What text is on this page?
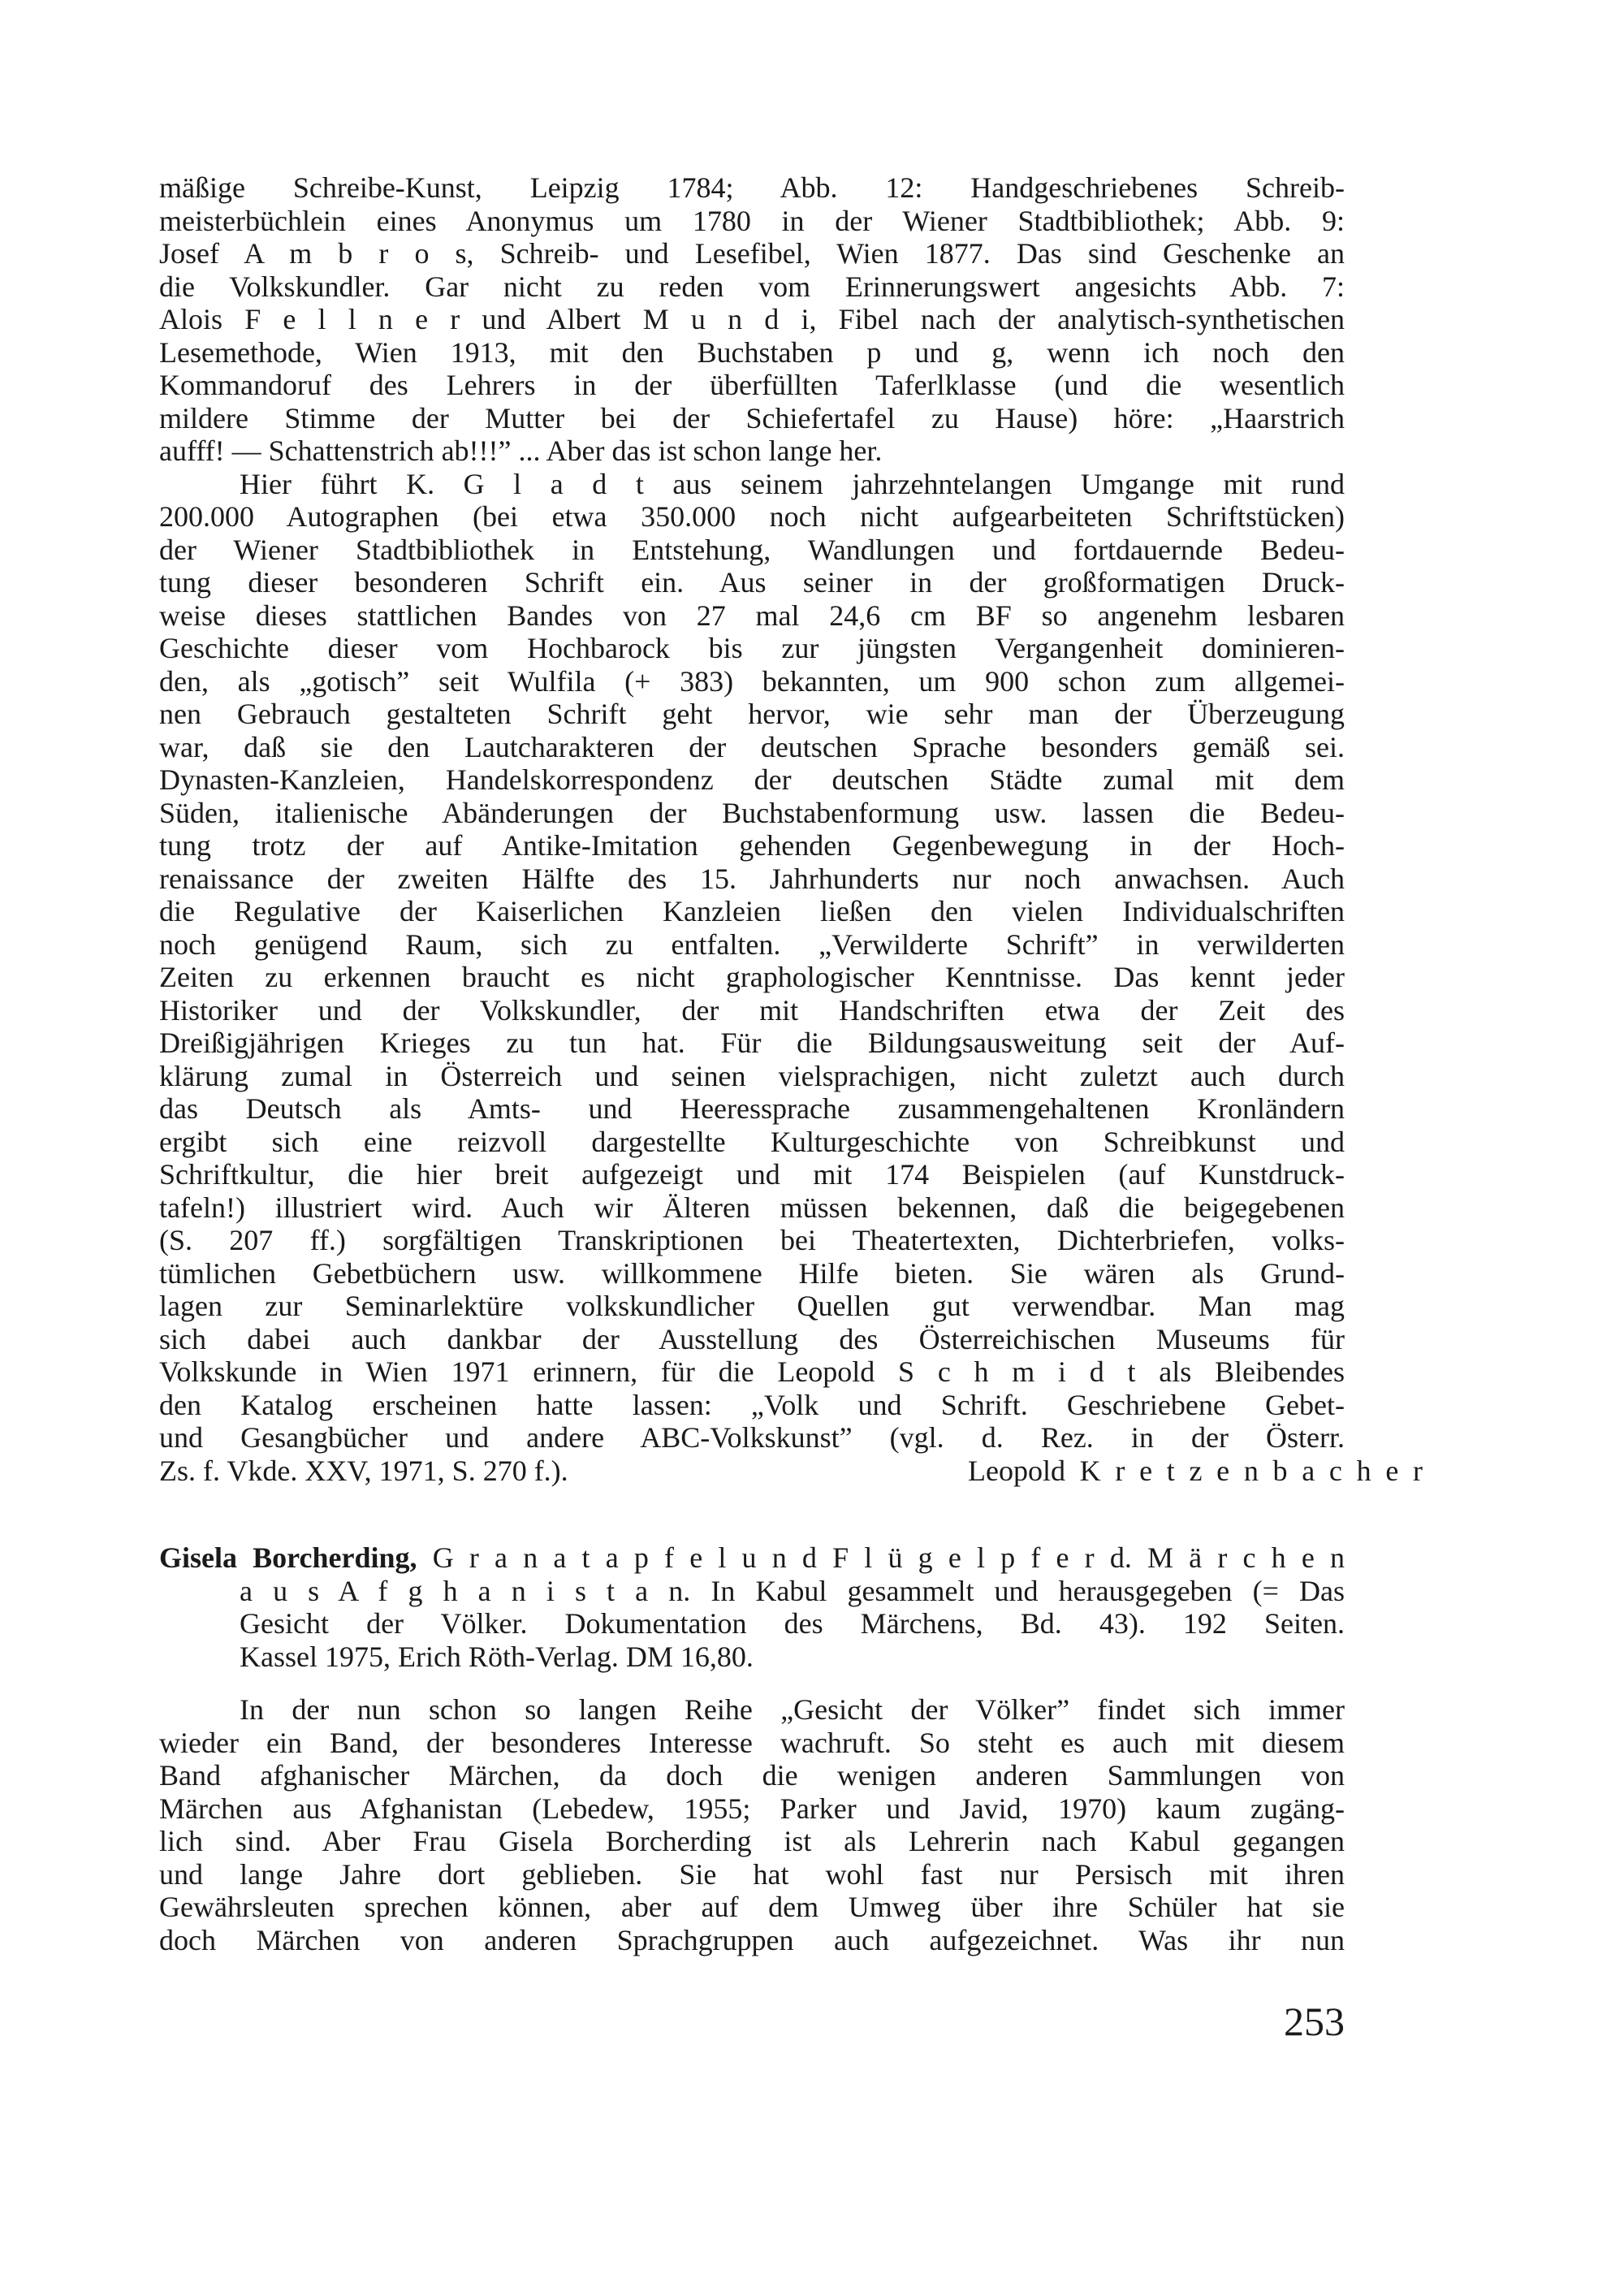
mäßige Schreibe-Kunst, Leipzig 1784; Abb. 12: Handgeschriebenes Schreib-
meisterbüchlein eines Anonymus um 1780 in der Wiener Stadtbibliothek; Abb. 9:
Josef A m b r o s, Schreib- und Lesefibel, Wien 1877. Das sind Geschenke an
die Volkskundler. Gar nicht zu reden vom Erinnerungswert angesichts Abb. 7:
Alois F e l l n e r und Albert M u n d i, Fibel nach der analytisch-synthetischen
Lesemethode, Wien 1913, mit den Buchstaben p und g, wenn ich noch den
Kommandoruf des Lehrers in der überfüllten Taferlklasse (und die wesentlich
mildere Stimme der Mutter bei der Schiefertafel zu Hause) höre: „Haarstrich
aufff! — Schattenstrich ab!!!” ... Aber das ist schon lange her.
Hier führt K. G l a d t aus seinem jahrzehntelangen Umgange mit rund
200.000 Autographen (bei etwa 350.000 noch nicht aufgearbeiteten Schriftstücken)
der Wiener Stadtbibliothek in Entstehung, Wandlungen und fortdauernde Bedeu-
tung dieser besonderen Schrift ein. Aus seiner in der großformatigen Druck-
weise dieses stattlichen Bandes von 27 mal 24,6 cm BF so angenehm lesbaren
Geschichte dieser vom Hochbarock bis zur jüngsten Vergangenheit dominieren-
den, als „gotisch” seit Wulfila (+ 383) bekannten, um 900 schon zum allgemei-
nen Gebrauch gestalteten Schrift geht hervor, wie sehr man der Überzeugung
war, daß sie den Lautcharakteren der deutschen Sprache besonders gemäß sei.
Dynasten-Kanzleien, Handelskorrespondenz der deutschen Städte zumal mit dem
Süden, italienische Abänderungen der Buchstabenformung usw. lassen die Bedeu-
tung trotz der auf Antike-Imitation gehenden Gegenbewegung in der Hoch-
renaissance der zweiten Hälfte des 15. Jahrhunderts nur noch anwachsen. Auch
die Regulative der Kaiserlichen Kanzleien ließen den vielen Individualschriften
noch genügend Raum, sich zu entfalten. „Verwilderte Schrift” in verwilderten
Zeiten zu erkennen braucht es nicht graphologischer Kenntnisse. Das kennt jeder
Historiker und der Volkskundler, der mit Handschriften etwa der Zeit des
Dreißigjährigen Krieges zu tun hat. Für die Bildungsausweitung seit der Auf-
klärung zumal in Österreich und seinen vielsprachigen, nicht zuletzt auch durch
das Deutsch als Amts- und Heeressprache zusammengehaltenen Kronländern
ergibt sich eine reizvoll dargestellte Kulturgeschichte von Schreibkunst und
Schriftkultur, die hier breit aufgezeigt und mit 174 Beispielen (auf Kunstdruck-
tafeln!) illustriert wird. Auch wir Älteren müssen bekennen, daß die beigegebenen
(S. 207 ff.) sorgfältigen Transkriptionen bei Theatertexten, Dichterbriefen, volks-
tümlichen Gebetbüchern usw. willkommene Hilfe bieten. Sie wären als Grund-
lagen zur Seminarlektüre volkskundlicher Quellen gut verwendbar. Man mag
sich dabei auch dankbar der Ausstellung des Österreichischen Museums für
Volkskunde in Wien 1971 erinnern, für die Leopold S c h m i d t als Bleibendes
den Katalog erscheinen hatte lassen: „Volk und Schrift. Geschriebene Gebet-
und Gesangbücher und andere ABC-Volkskunst” (vgl. d. Rez. in der Österr.
Zs. f. Vkde. XXV, 1971, S. 270 f.).	Leopold K r e t z e n b a c h e r
Gisela Borcherding, G r a n a t a p f e l u n d F l ü g e l p f e r d. M ä r c h e n
a u s A f g h a n i s t a n. In Kabul gesammelt und herausgegeben (= Das
Gesicht der Völker. Dokumentation des Märchens, Bd. 43). 192 Seiten.
Kassel 1975, Erich Röth-Verlag. DM 16,80.
In der nun schon so langen Reihe „Gesicht der Völker” findet sich immer
wieder ein Band, der besonderes Interesse wachruft. So steht es auch mit diesem
Band afghanischer Märchen, da doch die wenigen anderen Sammlungen von
Märchen aus Afghanistan (Lebedew, 1955; Parker und Javid, 1970) kaum zugäng-
lich sind. Aber Frau Gisela Borcherding ist als Lehrerin nach Kabul gegangen
und lange Jahre dort geblieben. Sie hat wohl fast nur Persisch mit ihren
Gewährsleuten sprechen können, aber auf dem Umweg über ihre Schüler hat sie
doch Märchen von anderen Sprachgruppen auch aufgezeichnet. Was ihr nun
253
